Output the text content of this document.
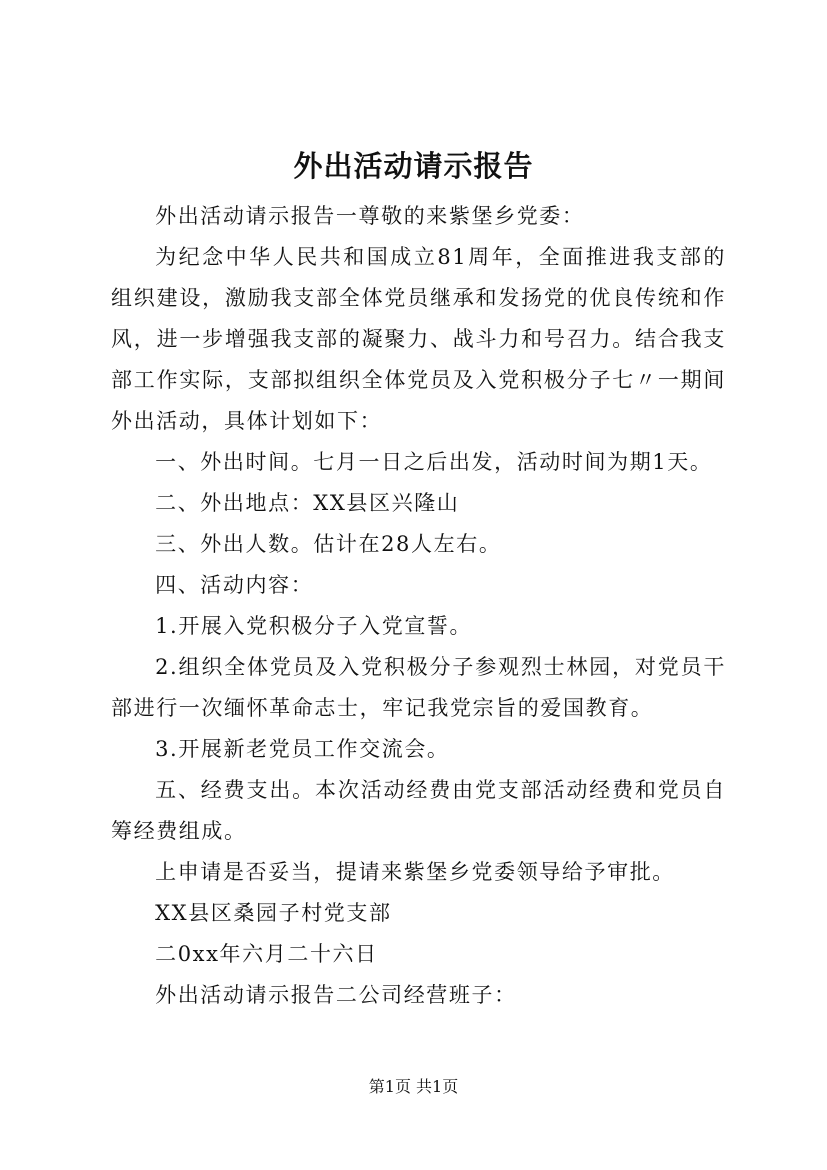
外出活动请示报告

外出活动请示报告一尊敬的来紫堡乡党委：

为纪念中华人民共和国成立81周年，全面推进我支部的组织建设，激励我支部全体党员继承和发扬党的优良传统和作风，进一步增强我支部的凝聚力、战斗力和号召力。结合我支部工作实际，支部拟组织全体党员及入党积极分子七〃一期间外出活动，具体计划如下：

一、外出时间。七月一日之后出发，活动时间为期1天。

二、外出地点：XX县区兴隆山

三、外出人数。估计在28人左右。

四、活动内容：

1.开展入党积极分子入党宣誓。

2.组织全体党员及入党积极分子参观烈士林园，对党员干部进行一次缅怀革命志士，牢记我党宗旨的爱国教育。

3.开展新老党员工作交流会。

五、经费支出。本次活动经费由党支部活动经费和党员自筹经费组成。

上申请是否妥当，提请来紫堡乡党委领导给予审批。

XX县区桑园子村党支部

二0xx年六月二十六日

外出活动请示报告二公司经营班子：

第1页 共1页
